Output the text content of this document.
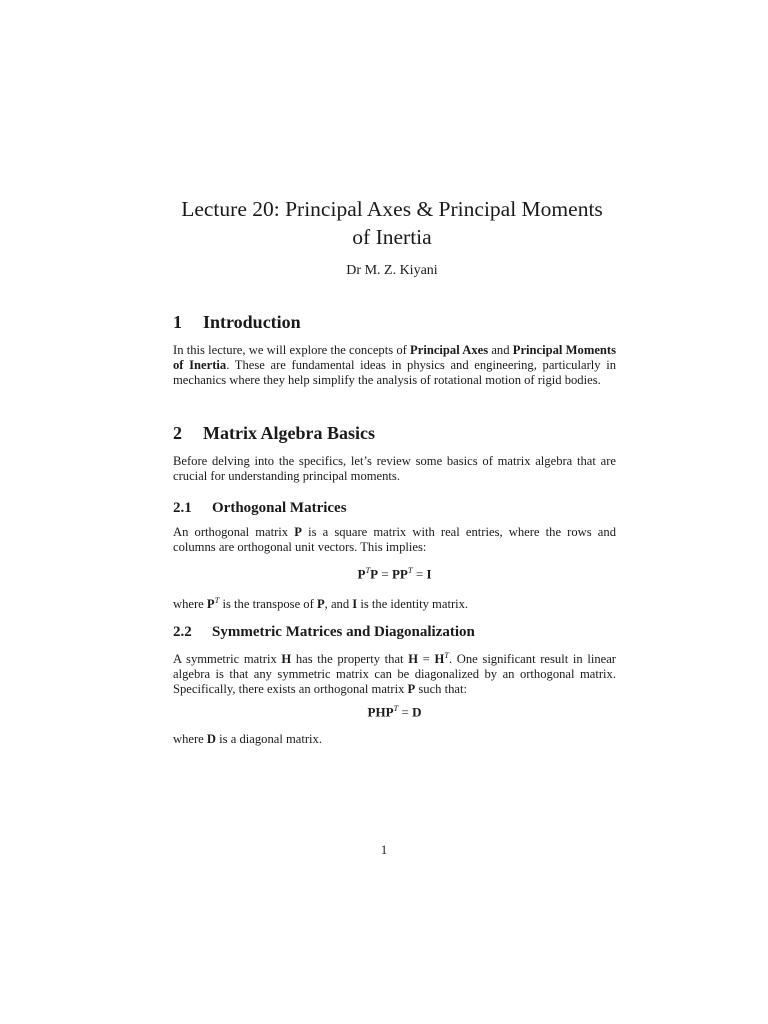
Lecture 20: Principal Axes & Principal Moments
of Inertia

Dr M. Z. Kiyani

1 Introduction

In this lecture, we will explore the concepts of Principal Axes and Principal Moments of Inertia. These are fundamental ideas in physics and engineering, particularly in mechanics where they help simplify the analysis of rotational motion of rigid bodies.

2 Matrix Algebra Basics

Before delving into the specifics, let’s review some basics of matrix algebra that are crucial for understanding principal moments.

2.1 Orthogonal Matrices

An orthogonal matrix P is a square matrix with real entries, where the rows and columns are orthogonal unit vectors. This implies:

$P^TP = PP^T = I$

where $P^T$ is the transpose of P, and I is the identity matrix.

2.2 Symmetric Matrices and Diagonalization

A symmetric matrix H has the property that $H = H^T$. One significant result in linear algebra is that any symmetric matrix can be diagonalized by an orthogonal matrix. Specifically, there exists an orthogonal matrix P such that:

$PHP^T = D$

where D is a diagonal matrix.

1
